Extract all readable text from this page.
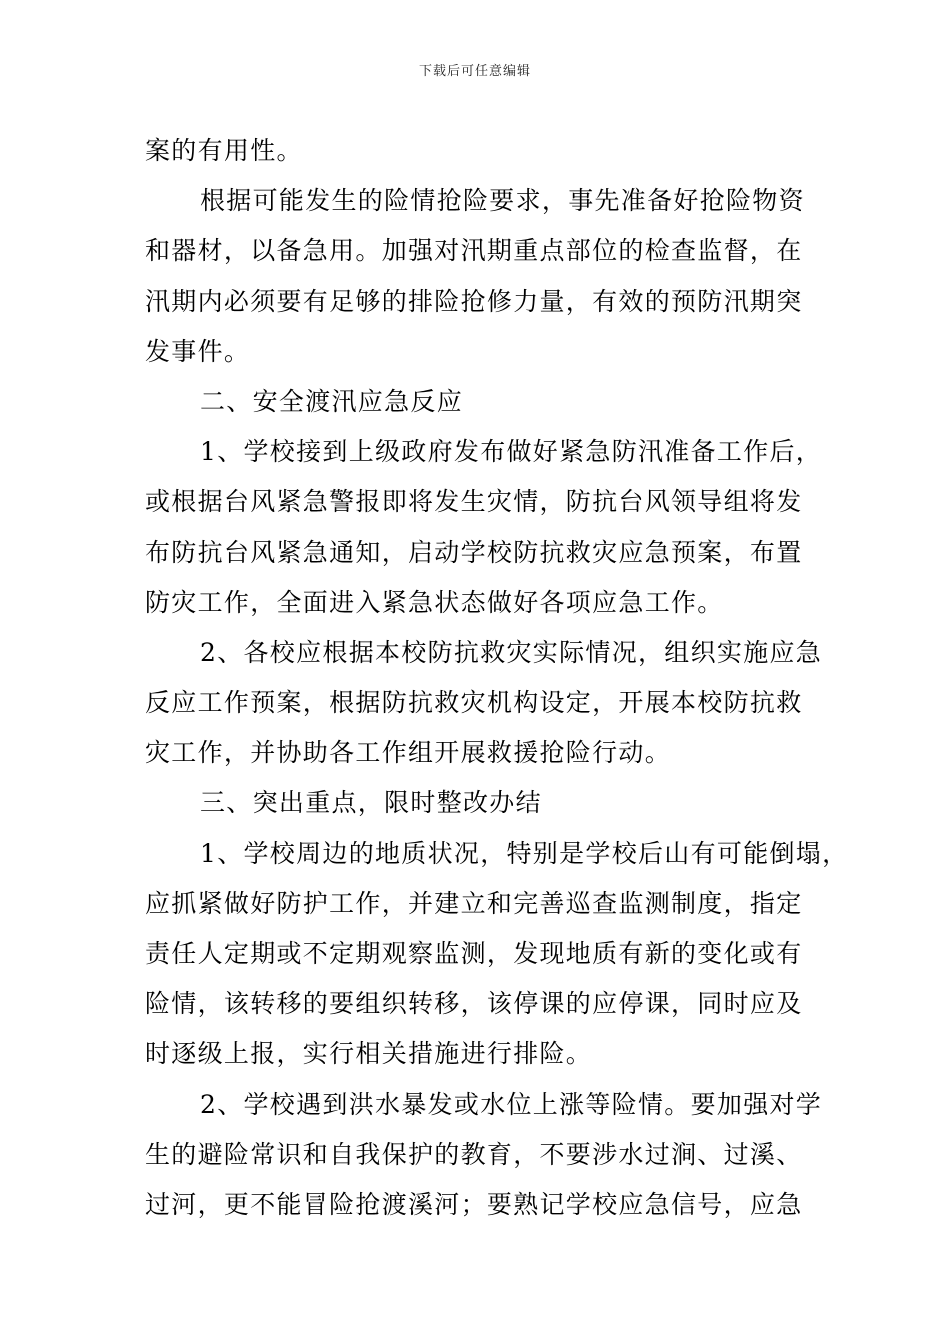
下载后可任意编辑
案的有用性。
根据可能发生的险情抢险要求，事先准备好抢险物资
和器材，以备急用。加强对汛期重点部位的检查监督，在
汛期内必须要有足够的排险抢修力量，有效的预防汛期突
发事件。
二、安全渡汛应急反应
1、学校接到上级政府发布做好紧急防汛准备工作后，
或根据台风紧急警报即将发生灾情，防抗台风领导组将发
布防抗台风紧急通知，启动学校防抗救灾应急预案，布置
防灾工作，全面进入紧急状态做好各项应急工作。
2、各校应根据本校防抗救灾实际情况，组织实施应急
反应工作预案，根据防抗救灾机构设定，开展本校防抗救
灾工作，并协助各工作组开展救援抢险行动。
三、突出重点，限时整改办结
1、学校周边的地质状况，特别是学校后山有可能倒塌，
应抓紧做好防护工作，并建立和完善巡查监测制度，指定
责任人定期或不定期观察监测，发现地质有新的变化或有
险情，该转移的要组织转移，该停课的应停课，同时应及
时逐级上报，实行相关措施进行排险。
2、学校遇到洪水暴发或水位上涨等险情。要加强对学
生的避险常识和自我保护的教育，不要涉水过涧、过溪、
过河，更不能冒险抢渡溪河；要熟记学校应急信号，应急
